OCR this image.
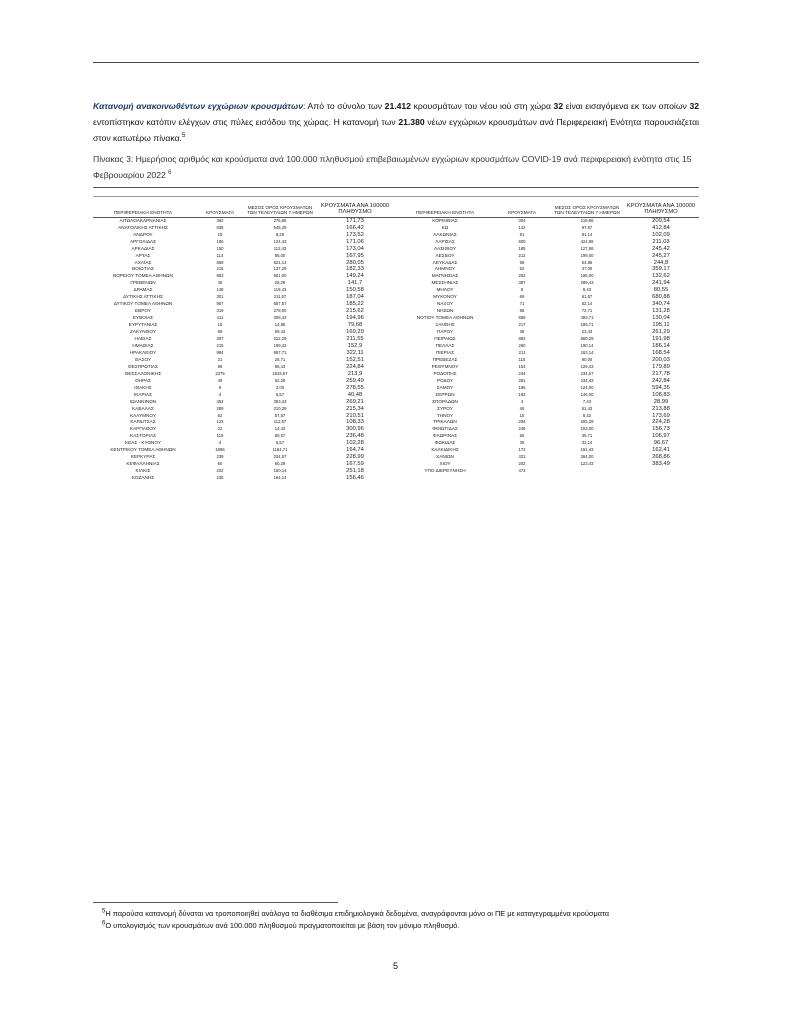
Κατανομή ανακοινωθέντων εγχώριων κρουσμάτων: Από το σύνολο των 21.412 κρουσμάτων του νέου ιού στη χώρα 32 είναι εισαγόμενα εκ των οποίων 32 εντοπίστηκαν κατόπιν ελέγχων στις πύλες εισόδου της χώρας. Η κατανομή των 21.380 νέων εγχώριων κρουσμάτων ανά Περιφερειακή Ενότητα παρουσιάζεται στον κατωτέρω πίνακα.$^5$
Πίνακας 3: Ημερήσιος αριθμός και κρούσματα ανά 100.000 πληθυσμού επιβεβαιωμένων εγχώριων κρουσμάτων COVID-19 ανά περιφερειακή ενότητα στις 15 Φεβρουαρίου 2022 $^6$
ΠΕΡΙΦΕΡΕΙΑΚΗ ΕΝΟΤΗΤΑ	ΚΡΟΥΣΜΑΤΑ	ΜΕΣΟΣ ΟΡΟΣ ΚΡΟΥΣΜΑΤΩΝ
ΤΩΝ ΤΕΛΕΥΤΑΙΩΝ 7 ΗΜΕΡΩΝ	ΚΡΟΥΣΜΑΤΑ ΑΝΑ 100000
ΠΛΗΘΥΣΜΟ	ΠΕΡΙΦΕΡΕΙΑΚΗ ΕΝΟΤΗΤΑ	ΚΡΟΥΣΜΑΤΑ	ΜΕΣΟΣ ΟΡΟΣ ΚΡΟΥΣΜΑΤΩΝ
ΤΩΝ ΤΕΛΕΥΤΑΙΩΝ 7 ΗΜΕΡΩΝ	ΚΡΟΥΣΜΑΤΑ ΑΝΑ 100000
ΠΛΗΘΥΣΜΟ
ΑΙΤΩΛΟΑΚΑΡΝΑΝΙΑΣ	362	276,86	171,73	ΚΟΡΙΝΘΙΑΣ	304	219,86	209,54
ΑΝΑΤΟΛΙΚΗΣ ΑΤΤΙΚΗΣ	836	545,29	166,42	ΚΩ	142	97,57	412,84
ΑΝΔΡΟΥ	16	8,29	173,52	ΛΑΚΩΝΙΑΣ	91	81,14	102,09
ΑΡΓΟΛΙΔΑΣ	186	124,43	171,06	ΛΑΡΙΣΑΣ	600	424,86	211,03
ΑΡΚΑΔΙΑΣ	150	112,43	173,04	ΛΑΣΙΘΙΟΥ	185	127,86	245,42
ΑΡΤΑΣ	114	95,00	167,95	ΛΕΣΒΟΥ	212	199,00	245,27
ΑΧΑΪΑΣ	869	621,14	280,05	ΛΕΥΚΑΔΑΣ	58	54,86	244,8
ΒΟΙΩΤΙΑΣ	215	137,29	182,33	ΛΗΜΝΟΥ	62	47,00	359,17
ΒΟΡΕΙΟΥ ΤΟΜΕΑ ΑΘΗΝΩΝ	883	601,00	149,24	ΜΑΓΝΗΣΙΑΣ	252	195,00	132,62
ΓΡΕΒΕΝΩΝ	45	28,29	141,7	ΜΕΣΣΗΝΙΑΣ	387	289,43	241,94
ΔΡΑΜΑΣ	148	119,43	150,58	ΜΗΛΟΥ	8	9,43	80,55
ΔΥΤΙΚΗΣ ΑΤΤΙΚΗΣ	301	211,57	187,04	ΜΥΚΟΝΟΥ	69	61,57	680,88
ΔΥΤΙΚΟΥ ΤΟΜΕΑ ΑΘΗΝΩΝ	907	657,57	185,22	ΝΑΞΟΥ	71	52,14	340,74
ΕΒΡΟΥ	319	278,00	215,62	ΝΗΣΩΝ	98	72,71	131,28
ΕΥΒΟΙΑΣ	411	308,43	194,96	ΝΟΤΙΟΥ ΤΟΜΕΑ ΑΘΗΝΩΝ	689	493,71	130,04
ΕΥΡΥΤΑΝΙΑΣ	16	14,86	79,68	ΞΑΝΘΗΣ	217	186,71	195,11
ΖΑΚΥΝΘΟΥ	69	69,43	169,29	ΠΑΡΟΥ	39	23,43	261,29
ΗΛΕΙΑΣ	357	212,29	211,55	ΠΕΙΡΑΙΩΣ	862	660,29	191,98
ΗΜΑΘΙΑΣ	215	199,43	152,9	ΠΕΛΛΑΣ	260	190,14	186,14
ΗΡΑΚΛΕΙΟΥ	984	697,71	322,11	ΠΙΕΡΙΑΣ	211	163,14	168,54
ΘΑΣΟΥ	21	26,71	152,51	ΠΡΕΒΕΖΑΣ	115	90,00	200,03
ΘΕΣΠΡΩΤΙΑΣ	98	86,43	224,84	ΡΕΘΥΜΝΟΥ	154	129,43	179,89
ΘΕΣΣΑΛΟΝΙΚΗΣ	2375	1834,57	213,9	ΡΟΔΟΠΗΣ	244	234,57	217,78
ΘΗΡΑΣ	49	52,29	259,49	ΡΟΔΟΥ	281	234,43	242,84
ΙΘΑΚΗΣ	9	3,00	278,55	ΣΑΜΟΥ	196	124,00	594,35
ΙΚΑΡΙΑΣ	4	5,57	40,48	ΣΕΡΡΩΝ	192	146,00	108,83
ΙΩΑΝΝΙΝΩΝ	452	353,43	269,21	ΣΠΟΡΑΔΩΝ	4	7,43	28,99
ΚΑΒΑΛΑΣ	289	210,29	215,34	ΣΥΡΟΥ	46	51,43	213,88
ΚΑΛΥΜΝΟΥ	62	57,57	210,51	ΤΗΝΟΥ	15	8,43	173,69
ΚΑΡΔΙΤΣΑΣ	123	112,57	108,33	ΤΡΙΚΑΛΩΝ	294	205,29	224,28
ΚΑΡΠΑΘΟΥ	22	14,43	300,96	ΦΘΙΩΤΙΔΑΣ	248	163,00	156,73
ΚΑΣΤΟΡΙΑΣ	119	80,57	236,48	ΦΛΩΡΙΝΑΣ	55	35,71	106,97
ΚΕΑΣ - ΚΥΘΝΟΥ	4	5,57	102,28	ΦΩΚΙΔΑΣ	39	32,14	96,67
ΚΕΝΤΡΙΚΟΥ ΤΟΜΕΑ ΑΘΗΝΩΝ	1696	1184,71	164,74	ΧΑΛΚΙΔΙΚΗΣ	172	151,43	162,41
ΚΕΡΚΥΡΑΣ	239	234,57	228,99	ΧΑΝΙΩΝ	421	364,00	268,86
ΚΕΦΑΛΛΗΝΙΑΣ	60	60,29	167,59	ΧΙΟΥ	202	123,43	383,49
ΚΙΛΚΙΣ	202	150,14	251,18	ΥΠΟ ΔΙΕΡΕΥΝΗΣΗ	473		
ΚΟΖΑΝΗΣ	235	164,14	156,46				
$^5$Η παρούσα κατανομή δύναται να τροποποιηθεί ανάλογα τα διαθέσιμα επιδημιολογικά δεδομένα, αναγράφονται μόνο οι ΠΕ με καταγεγραμμένα κρούσματα
$^6$Ο υπολογισμός των κρουσμάτων ανά 100.000 πληθυσμού πραγματοποιείται με βάση τον μόνιμο πληθυσμό.
5
